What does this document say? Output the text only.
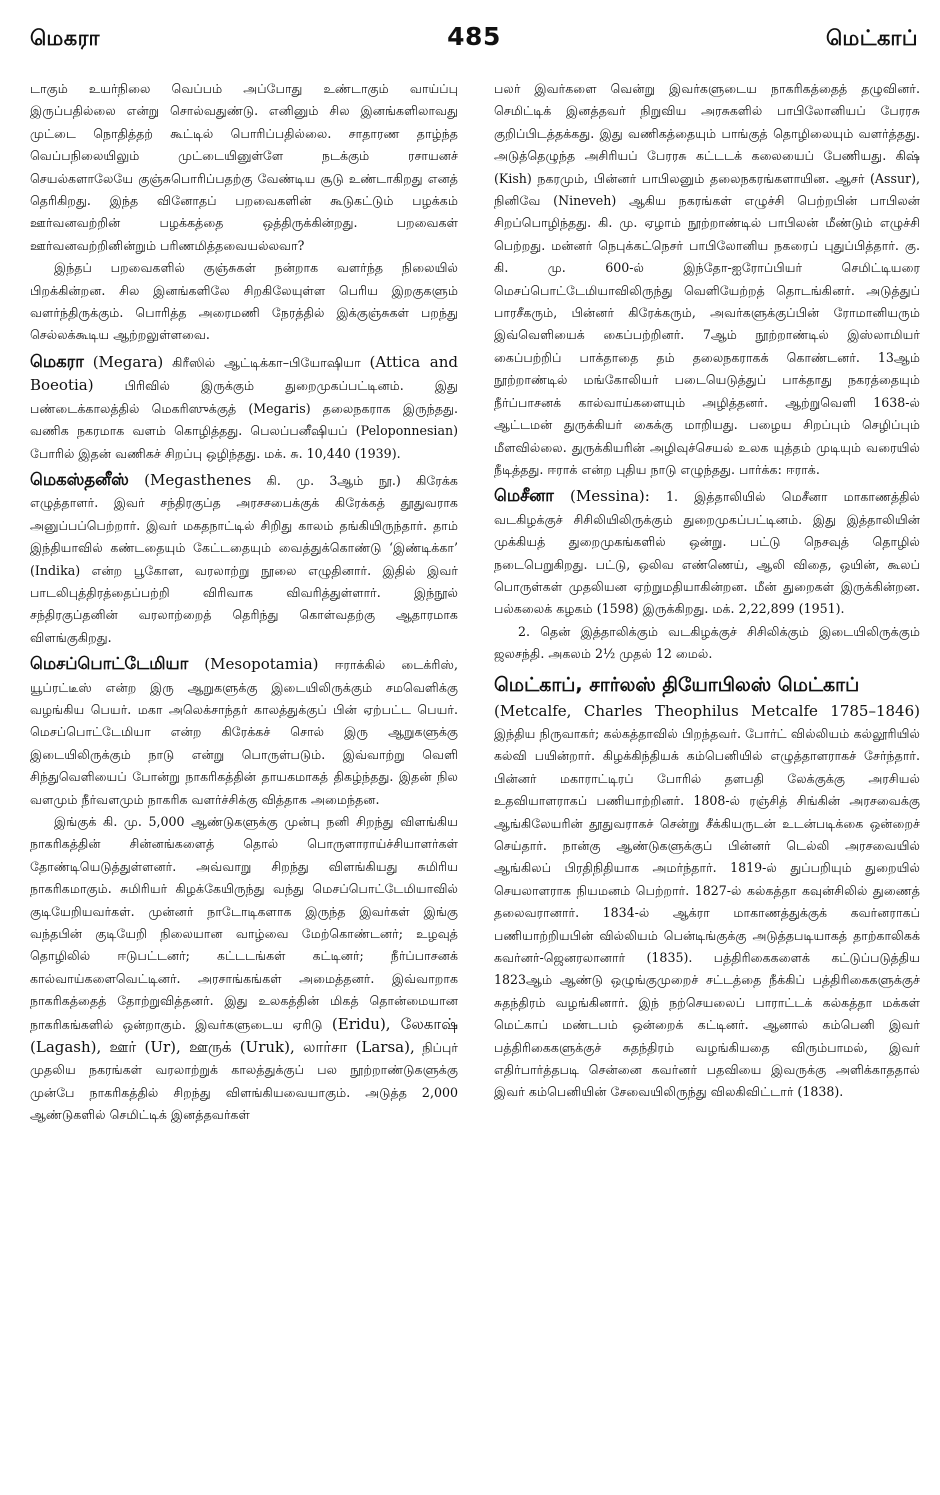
மெகரா	485	மெட்காப்

டாகும் உயர்நிலை வெப்பம் அப்போது உண்டாகும் வாய்ப்பு இருப்பதில்லை என்று சொல்வதுண்டு. எனினும் சில இனங்களிலாவது முட்டை நொதித்தற் கூட்டில் பொரிப்பதில்லை. சாதாரண தாழ்ந்த வெப்பநிலையிலும் முட்டையினுள்ளே நடக்கும் ரசாயனச் செயல்களாலேயே குஞ்சுபொரிப்பதற்கு வேண்டிய சூடு உண்டாகிறது எனத் தெரிகிறது. இந்த வினோதப் பறவைகளின் கூடுகட்டும் பழக்கம் ஊர்வனவற்றின் பழக்கத்தை ஒத்திருக்கின்றது. பறவைகள் ஊர்வனவற்றினின்றும் பரிணமித்தவையல்லவா?

இந்தப் பறவைகளில் குஞ்சுகள் நன்றாக வளர்ந்த நிலையில் பிறக்கின்றன. சில இனங்களிலே சிறகிலேயுள்ள பெரிய இறகுகளும் வளர்ந்திருக்கும். பொரித்த அரைமணி நேரத்தில் இக்குஞ்சுகள் பறந்து செல்லக்கூடிய ஆற்றலுள்ளவை.

மெகரா (Megara) கிரீஸில் ஆட்டிக்கா–பியோஷியா (Attica and Boeotia) பிரிவில் இருக்கும் துறைமுகப்பட்டினம். இது பண்டைக்காலத்தில் மெகரிஸுக்குத் (Megaris) தலைநகராக இருந்தது. வணிக நகரமாக வளம் கொழித்தது. பெலப்பனீஷியப் (Peloponnesian) போரில் இதன் வணிகச் சிறப்பு ஒழிந்தது. மக். சு. 10,440 (1939).

மெகஸ்தனீஸ் (Megasthenes கி. மு. 3ஆம் நூ.) கிரேக்க எழுத்தாளர். இவர் சந்திரகுப்த அரசசபைக்குக் கிரேக்கத் தூதுவராக அனுப்பப்பெற்றார். இவர் மகதநாட்டில் சிறிது காலம் தங்கியிருந்தார். தாம் இந்தியாவில் கண்டதையும் கேட்டதையும் வைத்துக்கொண்டு ‘இண்டிக்கா’ (Indika) என்ற பூகோள, வரலாற்று நூலை எழுதினார். இதில் இவர் பாடலிபுத்திரத்தைப்பற்றி விரிவாக விவரித்துள்ளார். இந்நூல் சந்திரகுப்தனின் வரலாற்றைத் தெரிந்து கொள்வதற்கு ஆதாரமாக விளங்குகிறது.

மெசப்பொட்டேமியா (Mesopotamia) ஈராக்கில் டைக்ரிஸ், யூப்ரட்டீஸ் என்ற இரு ஆறுகளுக்கு இடையிலிருக்கும் சமவெளிக்கு வழங்கிய பெயர். மகா அலெக்சாந்தர் காலத்துக்குப் பின் ஏற்பட்ட பெயர். மெசப்பொட்டேமியா என்ற கிரேக்கச் சொல் இரு ஆறுகளுக்கு இடையிலிருக்கும் நாடு என்று பொருள்படும். இவ்வாற்று வெளி சிந்துவெளியைப் போன்று நாகரிகத்தின் தாயகமாகத் திகழ்ந்தது. இதன் நில வளமும் நீர்வளமும் நாகரிக வளர்ச்சிக்கு வித்தாக அமைந்தன.

இங்குக் கி. மு. 5,000 ஆண்டுகளுக்கு முன்பு நனி சிறந்து விளங்கிய நாகரிகத்தின் சின்னங்களைத் தொல் பொருளாராய்ச்சியாளர்கள் தோண்டியெடுத்துள்ளனர். அவ்வாறு சிறந்து விளங்கியது சுமிரிய நாகரிகமாகும். சுமிரியர் கிழக்கேயிருந்து வந்து மெசப்பொட்டேமியாவில் குடியேறியவர்கள். முன்னர் நாடோடிகளாக இருந்த இவர்கள் இங்கு வந்தபின் குடியேறி நிலையான வாழ்வை மேற்கொண்டனர்; உழவுத் தொழிலில் ஈடுபட்டனர்; கட்டடங்கள் கட்டினர்; நீர்ப்பாசனக் கால்வாய்களைவெட்டினர். அரசாங்கங்கள் அமைத்தனர். இவ்வாறாக நாகரிகத்தைத் தோற்றுவித்தனர். இது உலகத்தின் மிகத் தொன்மையான நாகரிகங்களில் ஒன்றாகும். இவர்களுடைய ஏரிடு (Eridu), லேகாஷ் (Lagash), ஊர் (Ur), ஊருக் (Uruk), லார்சா (Larsa), நிப்புர் முதலிய நகரங்கள் வரலாற்றுக் காலத்துக்குப் பல நூற்றாண்டுகளுக்கு முன்பே நாகரிகத்தில் சிறந்து விளங்கியவையாகும். அடுத்த 2,000 ஆண்டுகளில் செமிட்டிக் இனத்தவர்கள்

பலர் இவர்களை வென்று இவர்களுடைய நாகரிகத்தைத் தழுவினர். செமிட்டிக் இனத்தவர் நிறுவிய அரசுகளில் பாபிலோனியப் பேரரசு குறிப்பிடத்தக்கது. இது வணிகத்தையும் பாங்குத் தொழிலையும் வளர்த்தது. அடுத்தெழுந்த அசிரியப் பேரரசு கட்டடக் கலையைப் பேணியது. கிஷ் (Kish) நகரமும், பின்னர் பாபிலனும் தலைநகரங்களாயின. ஆசர் (Assur), நினிவே (Nineveh) ஆகிய நகரங்கள் எழுச்சி பெற்றபின் பாபிலன் சிறப்பொழிந்தது. கி. மு. ஏழாம் நூற்றாண்டில் பாபிலன் மீண்டும் எழுச்சி பெற்றது. மன்னர் நெபுக்கட்நெசர் பாபிலோனிய நகரைப் புதுப்பித்தார். கு. கி. மு. 600-ல் இந்தோ-ஐரோப்பியர் செமிட்டியரை மெசப்பொட்டேமியாவிலிருந்து வெளியேற்றத் தொடங்கினர். அடுத்துப் பாரசீகரும், பின்னர் கிரேக்கரும், அவர்களுக்குப்பின் ரோமானியரும் இவ்வெளியைக் கைப்பற்றினர். 7ஆம் நூற்றாண்டில் இஸ்லாமியர் கைப்பற்றிப் பாக்தாதை தம் தலைநகராகக் கொண்டனர். 13ஆம் நூற்றாண்டில் மங்கோலியர் படையெடுத்துப் பாக்தாது நகரத்தையும் நீர்ப்பாசனக் கால்வாய்களையும் அழித்தனர். ஆற்றுவெளி 1638-ல் ஆட்டமன் துருக்கியர் கைக்கு மாறியது. பழைய சிறப்பும் செழிப்பும் மீளவில்லை. துருக்கியரின் அழிவுச்செயல் உலக யுத்தம் முடியும் வரையில் நீடித்தது. ஈராக் என்ற புதிய நாடு எழுந்தது. பார்க்க: ஈராக்.

மெசீனா (Messina): 1. இத்தாலியில் மெசீனா மாகாணத்தில் வடகிழக்குச் சிசிலியிலிருக்கும் துறைமுகப்பட்டினம். இது இத்தாலியின் முக்கியத் துறைமுகங்களில் ஒன்று. பட்டு நெசவுத் தொழில் நடைபெறுகிறது. பட்டு, ஒலிவ எண்ணெய், ஆலி விதை, ஒயின், கூலப் பொருள்கள் முதலியன ஏற்றுமதியாகின்றன. மீன் துறைகள் இருக்கின்றன. பல்கலைக் கழகம் (1598) இருக்கிறது. மக். 2,22,899 (1951).

2. தென் இத்தாலிக்கும் வடகிழக்குச் சிசிலிக்கும் இடையிலிருக்கும் ஜலசந்தி. அகலம் 2½ முதல் 12 மைல்.

மெட்காப், சார்லஸ் தியோபிலஸ் மெட்காப்
(Metcalfe, Charles Theophilus Metcalfe 1785–1846) இந்திய நிருவாகர்; கல்கத்தாவில் பிறந்தவர். போர்ட் வில்லியம் கல்லூரியில் கல்வி பயின்றார். கிழக்கிந்தியக் கம்பெனியில் எழுத்தாளராகச் சேர்ந்தார். பின்னர் மகாராட்டிரப் போரில் தளபதி லேக்குக்கு அரசியல் உதவியாளராகப் பணியாற்றினர். 1808-ல் ரஞ்சித் சிங்கின் அரசவைக்கு ஆங்கிலேயரின் தூதுவராகச் சென்று சீக்கியருடன் உடன்படிக்கை ஒன்றைச் செய்தார். நான்கு ஆண்டுகளுக்குப் பின்னர் டெல்லி அரசவையில் ஆங்கிலப் பிரதிநிதியாக அமர்ந்தார். 1819-ல் துப்பறியும் துறையில் செயலாளராக நியமனம் பெற்றார். 1827-ல் கல்கத்தா கவுன்சிலில் துணைத் தலைவரானார். 1834-ல் ஆக்ரா மாகாணத்துக்குக் கவர்னராகப் பணியாற்றியபின் வில்லியம் பென்டிங்குக்கு அடுத்தபடியாகத் தாற்காலிகக் கவர்னர்-ஜெனரலானார் (1835). பத்திரிகைகளைக் கட்டுப்படுத்திய 1823ஆம் ஆண்டு ஒழுங்குமுறைச் சட்டத்தை நீக்கிப் பத்திரிகைகளுக்குச் சுதந்திரம் வழங்கினார். இந் நற்செயலைப் பாராட்டக் கல்கத்தா மக்கள் மெட்காப் மண்டபம் ஒன்றைக் கட்டினர். ஆனால் கம்பெனி இவர் பத்திரிகைகளுக்குச் சுதந்திரம் வழங்கியதை விரும்பாமல், இவர் எதிர்பார்த்தபடி சென்னை கவர்னர் பதவியை இவருக்கு அளிக்காததால் இவர் கம்பெனியின் சேவையிலிருந்து விலகிவிட்டார் (1838).
